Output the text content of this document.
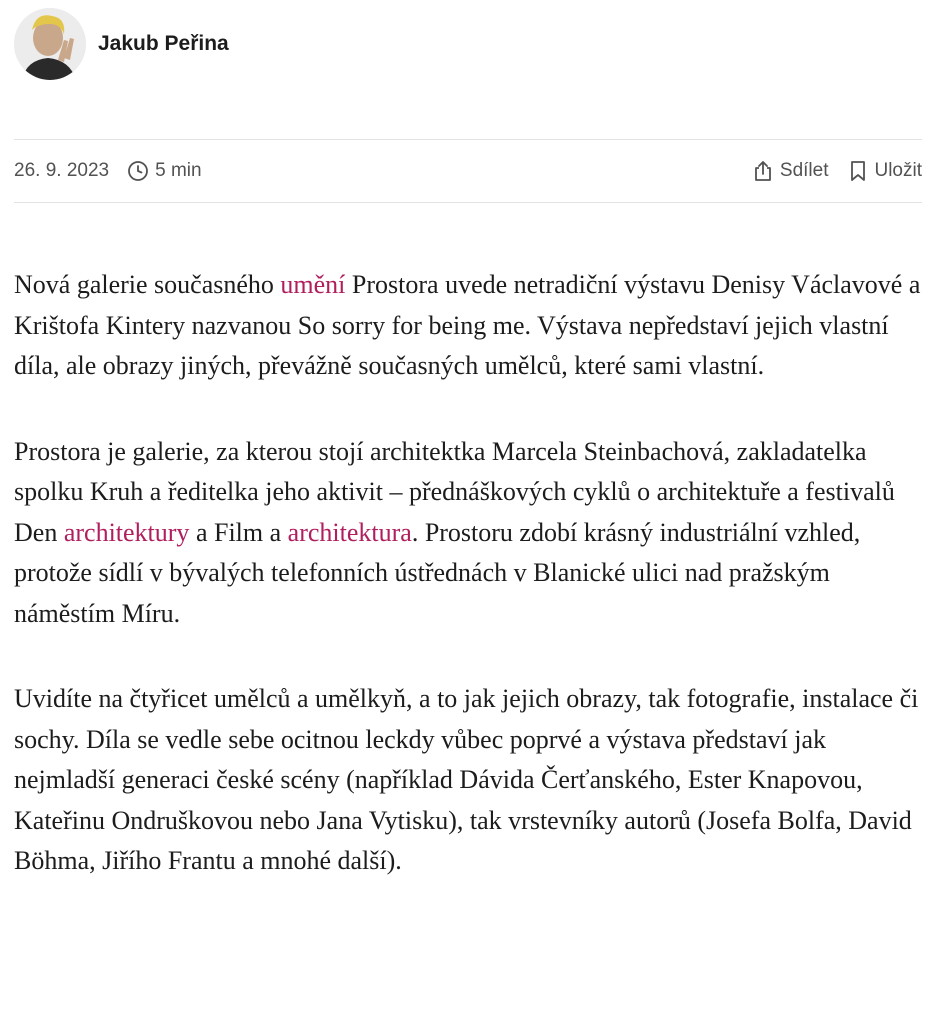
Jakub Peřina
26. 9. 2023 5 min	Sdílet Uložit

Nová galerie současného umění Prostora uvede netradiční výstavu Denisy Václavové a Krištofa Kintery nazvanou So sorry for being me. Výstava nepředstaví jejich vlastní díla, ale obrazy jiných, převážně současných umělců, které sami vlastní.

Prostora je galerie, za kterou stojí architektka Marcela Steinbachová, zakladatelka spolku Kruh a ředitelka jeho aktivit – přednáškových cyklů o architektuře a festivalů Den architektury a Film a architektura. Prostoru zdobí krásný industriální vzhled, protože sídlí v bývalých telefonních ústřednách v Blanické ulici nad pražským náměstím Míru.

Uvidíte na čtyřicet umělců a umělkyň, a to jak jejich obrazy, tak fotografie, instalace či sochy. Díla se vedle sebe ocitnou leckdy vůbec poprvé a výstava představí jak nejmladší generaci české scény (například Dávida Čerťanského, Ester Knapovou, Kateřinu Ondruškovou nebo Jana Vytisku), tak vrstevníky autorů (Josefa Bolfa, David Böhma, Jiřího Frantu a mnohé další).
